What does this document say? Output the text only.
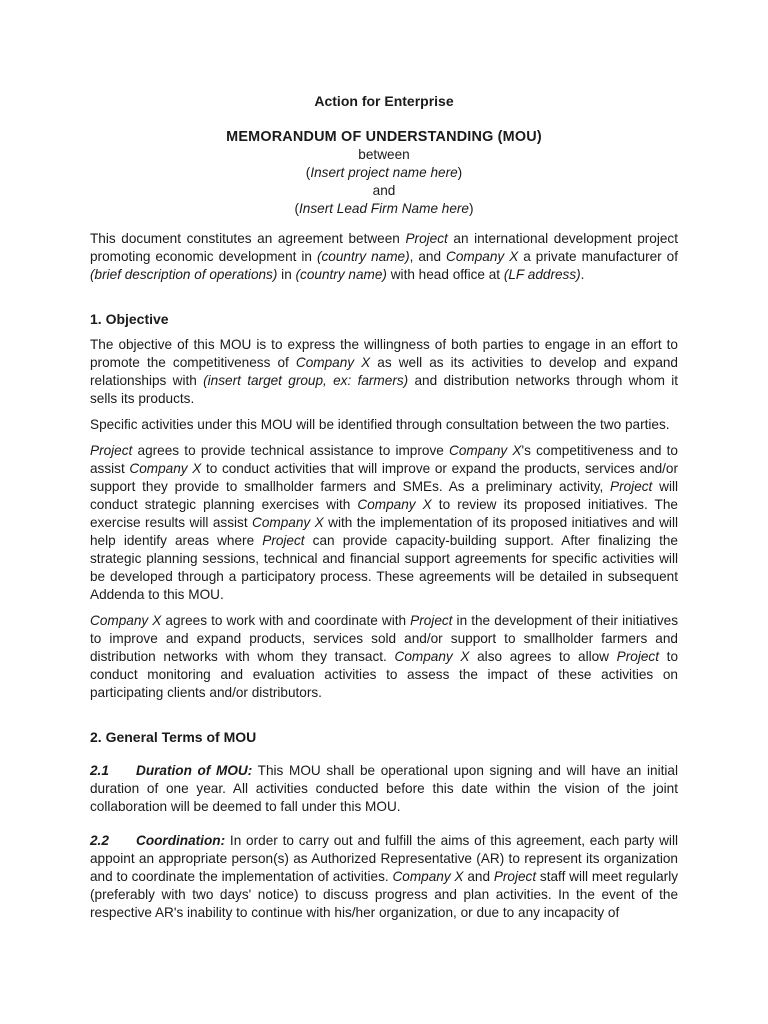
Action for Enterprise
MEMORANDUM OF UNDERSTANDING (MOU)
between
(Insert project name here)
and
(Insert Lead Firm Name here)

This document constitutes an agreement between Project an international development project promoting economic development in (country name), and Company X a private manufacturer of (brief description of operations) in (country name) with head office at (LF address).

1. Objective

The objective of this MOU is to express the willingness of both parties to engage in an effort to promote the competitiveness of Company X as well as its activities to develop and expand relationships with (insert target group, ex: farmers) and distribution networks through whom it sells its products.

Specific activities under this MOU will be identified through consultation between the two parties.

Project agrees to provide technical assistance to improve Company X's competitiveness and to assist Company X to conduct activities that will improve or expand the products, services and/or support they provide to smallholder farmers and SMEs. As a preliminary activity, Project will conduct strategic planning exercises with Company X to review its proposed initiatives. The exercise results will assist Company X with the implementation of its proposed initiatives and will help identify areas where Project can provide capacity-building support. After finalizing the strategic planning sessions, technical and financial support agreements for specific activities will be developed through a participatory process. These agreements will be detailed in subsequent Addenda to this MOU.

Company X agrees to work with and coordinate with Project in the development of their initiatives to improve and expand products, services sold and/or support to smallholder farmers and distribution networks with whom they transact. Company X also agrees to allow Project to conduct monitoring and evaluation activities to assess the impact of these activities on participating clients and/or distributors.

2. General Terms of MOU

2.1 Duration of MOU: This MOU shall be operational upon signing and will have an initial duration of one year. All activities conducted before this date within the vision of the joint collaboration will be deemed to fall under this MOU.

2.2 Coordination: In order to carry out and fulfill the aims of this agreement, each party will appoint an appropriate person(s) as Authorized Representative (AR) to represent its organization and to coordinate the implementation of activities. Company X and Project staff will meet regularly (preferably with two days' notice) to discuss progress and plan activities. In the event of the respective AR's inability to continue with his/her organization, or due to any incapacity of
